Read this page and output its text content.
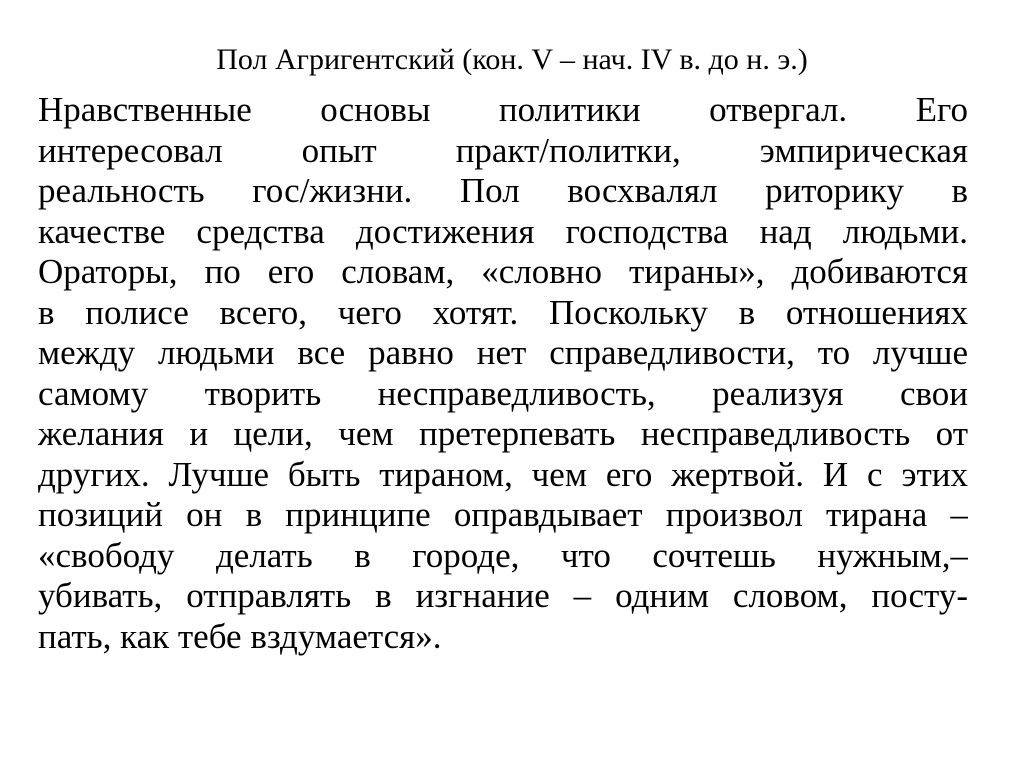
Пол Агригентский (кон. V – нач. IV в. до н. э.)
Нравственные основы политики отвергал. Его
интересовал опыт практ/политки, эмпирическая
реальность гос/жизни. Пол восхвалял риторику в
качестве средства достижения господства над людьми.
Ораторы, по его словам, «словно тираны», добиваются
в полисе всего, чего хотят. Поскольку в отношениях
между людьми все равно нет справедливости, то лучше
самому творить несправедливость, реализуя свои
желания и цели, чем претерпевать несправедливость от
других. Лучше быть тираном, чем его жертвой. И с этих
позиций он в принципе оправдывает произвол тирана –
«свободу делать в городе, что сочтешь нужным,–
убивать, отправлять в изгнание – одним словом, посту-
пать, как тебе вздумается».
